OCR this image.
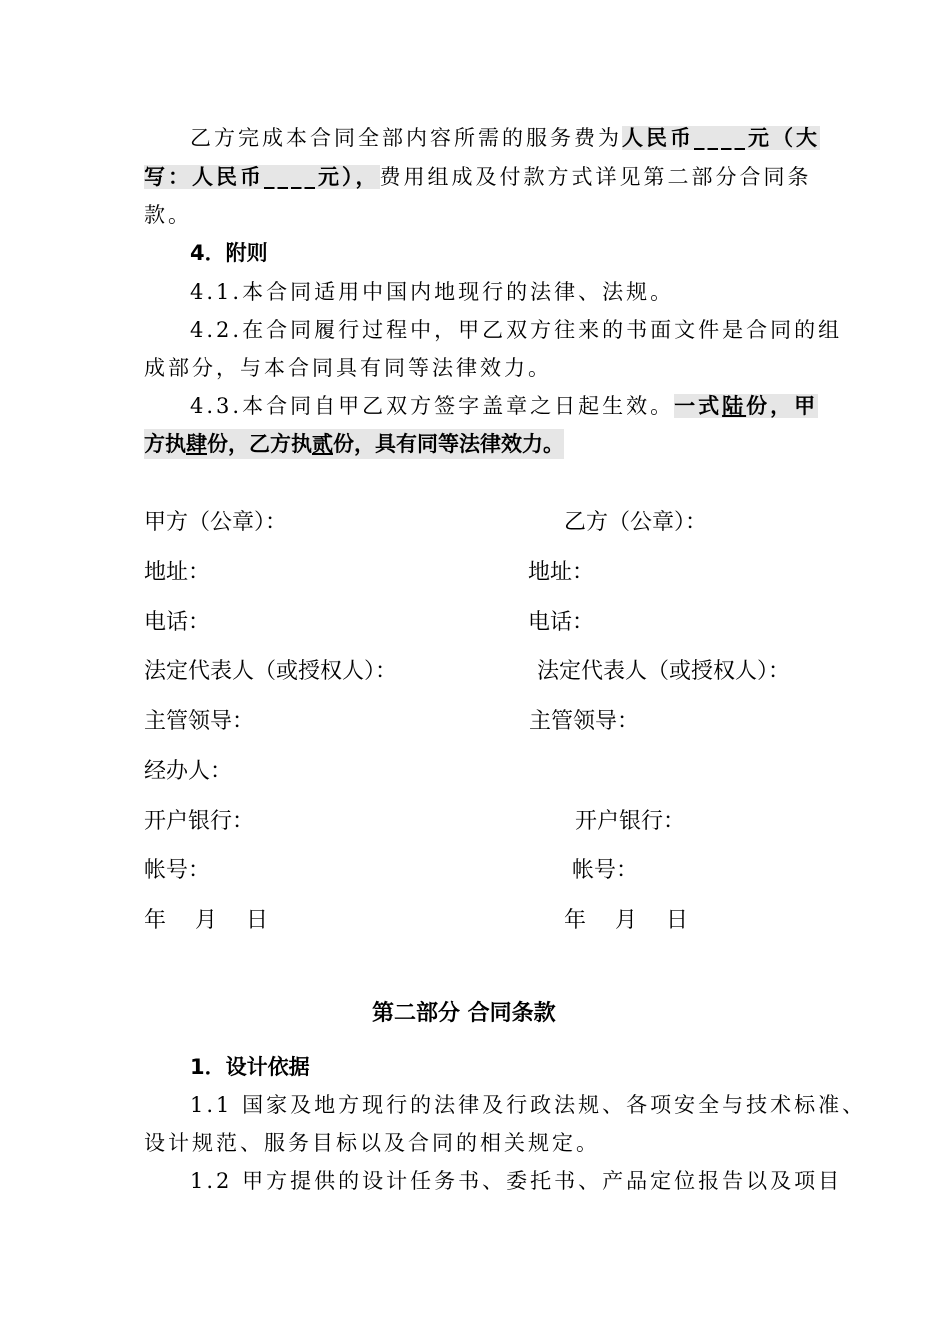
乙方完成本合同全部内容所需的服务费为人民币____元（大
写：人民币____元），费用组成及付款方式详见第二部分合同条
款。
4．附则
4.1.本合同适用中国内地现行的法律、法规。
4.2.在合同履行过程中，甲乙双方往来的书面文件是合同的组
成部分，与本合同具有同等法律效力。
4.3.本合同自甲乙双方签字盖章之日起生效。一式陆份，甲
方执肆份，乙方执贰份，具有同等法律效力。
甲方（公章）：
地址：
电话：
法定代表人（或授权人）：
主管领导：
经办人：
开户银行：
帐号：
年　 月　 日
乙方（公章）：
地址：
电话：
法定代表人（或授权人）：
主管领导：
开户银行：
帐号：
年　 月　 日
第二部分 合同条款
1．设计依据
1.1 国家及地方现行的法律及行政法规、各项安全与技术标准、
设计规范、服务目标以及合同的相关规定。
1.2 甲方提供的设计任务书、委托书、产品定位报告以及项目
